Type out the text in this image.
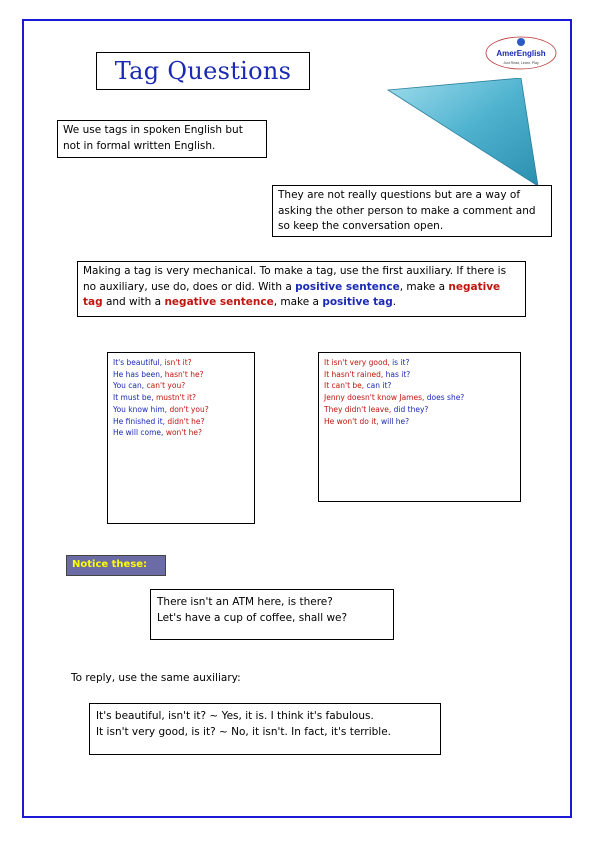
Tag Questions
AmerEnglish
Just Read, Learn, Play
We use tags in spoken English but not in formal written English.
They are not really questions but are a way of asking the other person to make a comment and so keep the conversation open.
Making a tag is very mechanical. To make a tag, use the first auxiliary. If there is no auxiliary, use do, does or did. With a positive sentence, make a negative tag and with a negative sentence, make a positive tag.
It's beautiful, isn't it?
He has been, hasn't he?
You can, can't you?
It must be, mustn't it?
You know him, don't you?
He finished it, didn't he?
He will come, won't he?
It isn't very good, is it?
It hasn't rained, has it?
It can't be, can it?
Jenny doesn't know James, does she?
They didn't leave, did they?
He won't do it, will he?
Notice these:
There isn't an ATM here, is there?
Let's have a cup of coffee, shall we?
To reply, use the same auxiliary:
It's beautiful, isn't it? ~ Yes, it is. I think it's fabulous.
It isn't very good, is it? ~ No, it isn't. In fact, it's terrible.
